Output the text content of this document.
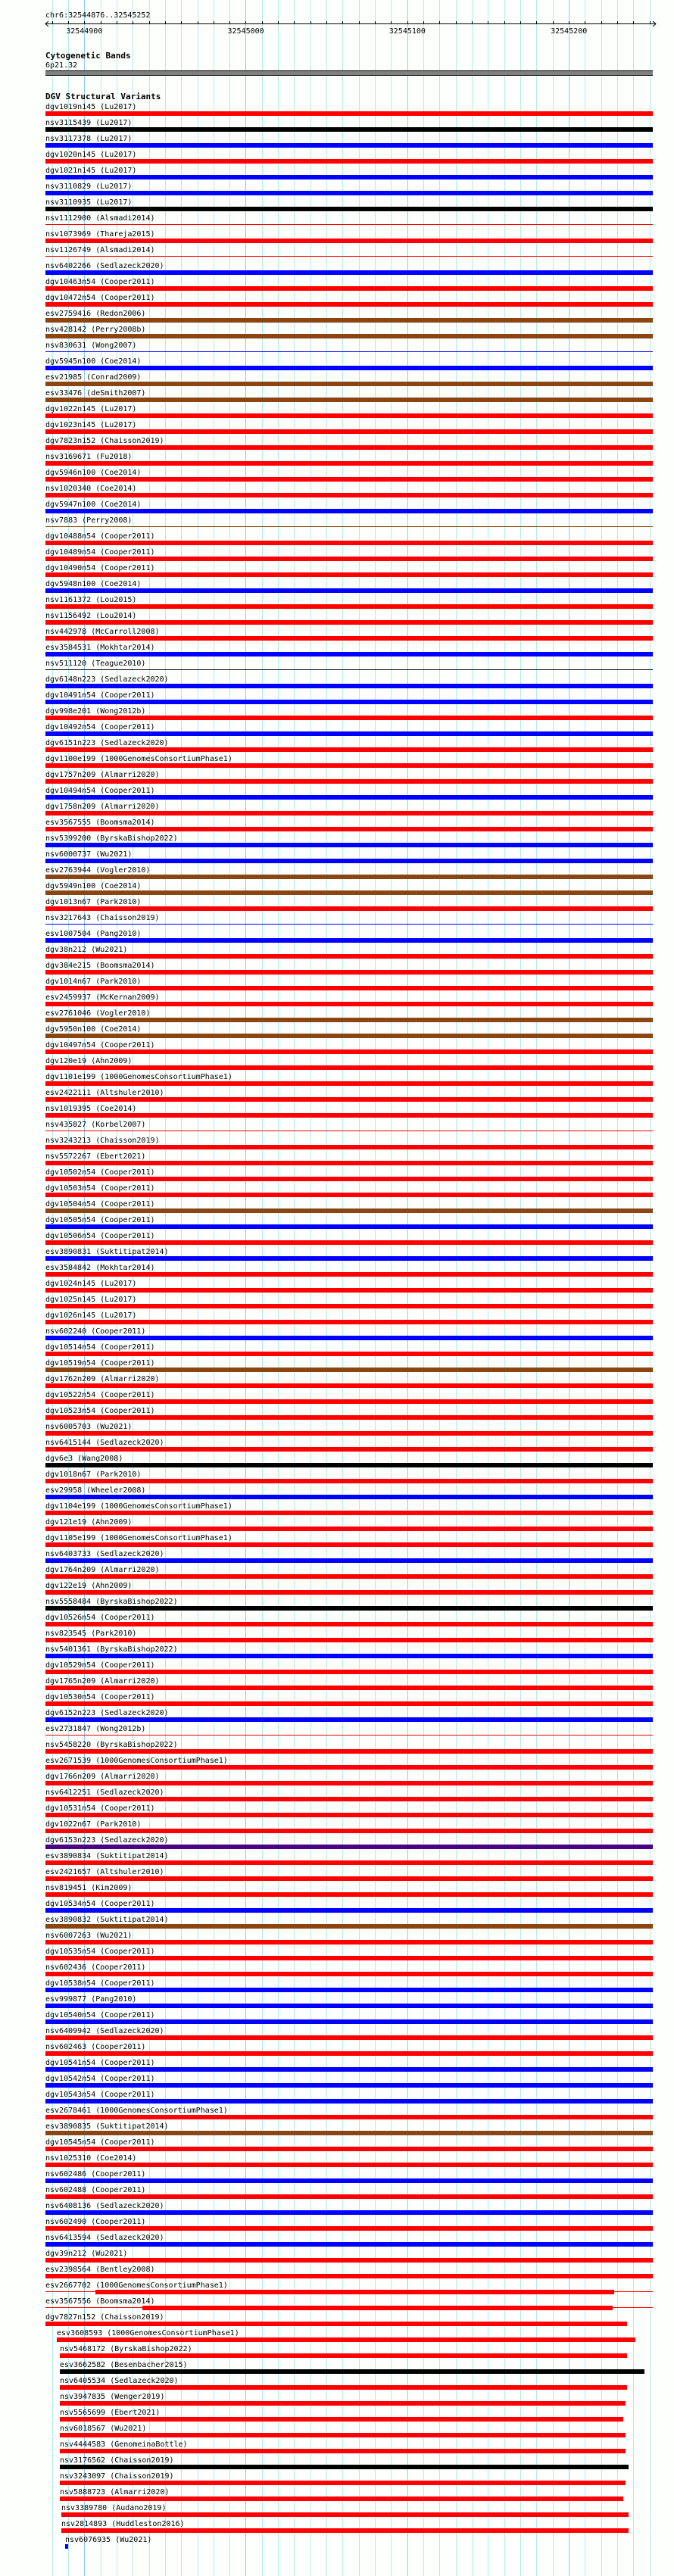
chr6:32544876..32545252
32544900	32545000	32545100	32545200
Cytogenetic Bands
6p21.32
DGV Structural Variants
dgv1019n145 (Lu2017)
nsv3115439 (Lu2017)
nsv3117378 (Lu2017)
dgv1020n145 (Lu2017)
dgv1021n145 (Lu2017)
nsv3110829 (Lu2017)
nsv3110935 (Lu2017)
nsv1112900 (Alsmadi2014)
nsv1073969 (Thareja2015)
nsv1126749 (Alsmadi2014)
nsv6402266 (Sedlazeck2020)
dgv10463n54 (Cooper2011)
dgv10472n54 (Cooper2011)
esv2759416 (Redon2006)
nsv428142 (Perry2008b)
nsv830631 (Wong2007)
dgv5945n100 (Coe2014)
esv21985 (Conrad2009)
esv33476 (deSmith2007)
dgv1022n145 (Lu2017)
dgv1023n145 (Lu2017)
dgv7823n152 (Chaisson2019)
nsv3169671 (Fu2018)
dgv5946n100 (Coe2014)
nsv1020340 (Coe2014)
dgv5947n100 (Coe2014)
nsv7883 (Perry2008)
dgv10488n54 (Cooper2011)
dgv10489n54 (Cooper2011)
dgv10490n54 (Cooper2011)
dgv5948n100 (Coe2014)
nsv1161372 (Lou2015)
nsv1156492 (Lou2014)
nsv442978 (McCarroll2008)
esv3584531 (Mokhtar2014)
nsv511120 (Teague2010)
dgv6148n223 (Sedlazeck2020)
dgv10491n54 (Cooper2011)
dgv998e201 (Wong2012b)
dgv10492n54 (Cooper2011)
dgv6151n223 (Sedlazeck2020)
dgv1100e199 (1000GenomesConsortiumPhase1)
dgv1757n209 (Almarri2020)
dgv10494n54 (Cooper2011)
dgv1758n209 (Almarri2020)
esv3567555 (Boomsma2014)
nsv5399200 (ByrskaBishop2022)
nsv6000737 (Wu2021)
esv2763944 (Vogler2010)
dgv5949n100 (Coe2014)
dgv1013n67 (Park2010)
nsv3217643 (Chaisson2019)
esv1007504 (Pang2010)
dgv38n212 (Wu2021)
dgv384e215 (Boomsma2014)
dgv1014n67 (Park2010)
esv2459937 (McKernan2009)
esv2761046 (Vogler2010)
dgv5950n100 (Coe2014)
dgv10497n54 (Cooper2011)
dgv120e19 (Ahn2009)
dgv1101e199 (1000GenomesConsortiumPhase1)
esv2422111 (Altshuler2010)
nsv1019395 (Coe2014)
nsv435827 (Korbel2007)
nsv3243213 (Chaisson2019)
nsv5572267 (Ebert2021)
dgv10502n54 (Cooper2011)
dgv10503n54 (Cooper2011)
dgv10504n54 (Cooper2011)
dgv10505n54 (Cooper2011)
dgv10506n54 (Cooper2011)
esv3890831 (Suktitipat2014)
esv3584842 (Mokhtar2014)
dgv1024n145 (Lu2017)
dgv1025n145 (Lu2017)
dgv1026n145 (Lu2017)
nsv602240 (Cooper2011)
dgv10514n54 (Cooper2011)
dgv10519n54 (Cooper2011)
dgv1762n209 (Almarri2020)
dgv10522n54 (Cooper2011)
dgv10523n54 (Cooper2011)
nsv6005703 (Wu2021)
nsv6415144 (Sedlazeck2020)
dgv6e3 (Wang2008)
dgv1018n67 (Park2010)
esv29958 (Wheeler2008)
dgv1104e199 (1000GenomesConsortiumPhase1)
dgv121e19 (Ahn2009)
dgv1105e199 (1000GenomesConsortiumPhase1)
nsv6403733 (Sedlazeck2020)
dgv1764n209 (Almarri2020)
dgv122e19 (Ahn2009)
nsv5558484 (ByrskaBishop2022)
dgv10526n54 (Cooper2011)
nsv823545 (Park2010)
nsv5401361 (ByrskaBishop2022)
dgv10529n54 (Cooper2011)
dgv1765n209 (Almarri2020)
dgv10530n54 (Cooper2011)
dgv6152n223 (Sedlazeck2020)
esv2731847 (Wong2012b)
nsv5458220 (ByrskaBishop2022)
esv2671539 (1000GenomesConsortiumPhase1)
dgv1766n209 (Almarri2020)
nsv6412251 (Sedlazeck2020)
dgv10531n54 (Cooper2011)
dgv1022n67 (Park2010)
dgv6153n223 (Sedlazeck2020)
esv3890834 (Suktitipat2014)
esv2421657 (Altshuler2010)
nsv819451 (Kim2009)
dgv10534n54 (Cooper2011)
esv3890832 (Suktitipat2014)
nsv6007263 (Wu2021)
dgv10535n54 (Cooper2011)
nsv602436 (Cooper2011)
dgv10538n54 (Cooper2011)
esv999877 (Pang2010)
dgv10540n54 (Cooper2011)
nsv6409942 (Sedlazeck2020)
nsv602463 (Cooper2011)
dgv10541n54 (Cooper2011)
dgv10542n54 (Cooper2011)
dgv10543n54 (Cooper2011)
esv2678461 (1000GenomesConsortiumPhase1)
esv3890835 (Suktitipat2014)
dgv10545n54 (Cooper2011)
nsv1025310 (Coe2014)
nsv602486 (Cooper2011)
nsv602488 (Cooper2011)
nsv6408136 (Sedlazeck2020)
nsv602490 (Cooper2011)
nsv6413594 (Sedlazeck2020)
dgv39n212 (Wu2021)
esv2398564 (Bentley2008)
esv2667702 (1000GenomesConsortiumPhase1)
esv3567556 (Boomsma2014)
dgv7827n152 (Chaisson2019)
esv3608593 (1000GenomesConsortiumPhase1)
nsv5468172 (ByrskaBishop2022)
esv3662582 (Besenbacher2015)
nsv6405534 (Sedlazeck2020)
nsv3947835 (Wenger2019)
nsv5565699 (Ebert2021)
nsv6018567 (Wu2021)
nsv4444583 (GenomeinaBottle)
nsv3176562 (Chaisson2019)
nsv3243097 (Chaisson2019)
nsv5888723 (Almarri2020)
nsv3389780 (Audano2019)
nsv2814893 (Huddleston2016)
nsv6076935 (Wu2021)
